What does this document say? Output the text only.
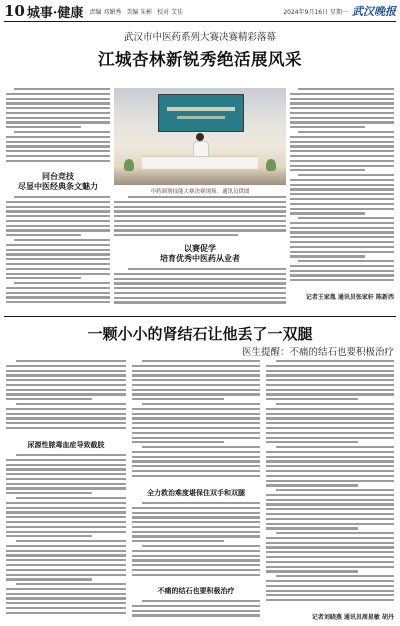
10 城事·健康 责编 邓媚秀 美编 朱彬 校对 艾佳	2024年9月16日 星期一 武汉晚报
武汉市中医药系列大赛决赛精彩落幕
江城杏林新锐秀绝活展风采
同台竞技
尽显中医经典条文魅力
中药调剂技能大赛决赛现场。通讯员供图
以赛促学
培育优秀中医药从业者
记者王家胤 通讯员张家轩 陈新西
一颗小小的肾结石让他丢了一双腿
医生提醒：不痛的结石也要积极治疗
尿源性脓毒血症导致截肢
全力救治难度堪保住双手和双腿
不痛的结石也要积极治疗
记者刘晓燕 通讯员周星敏 胡丹
